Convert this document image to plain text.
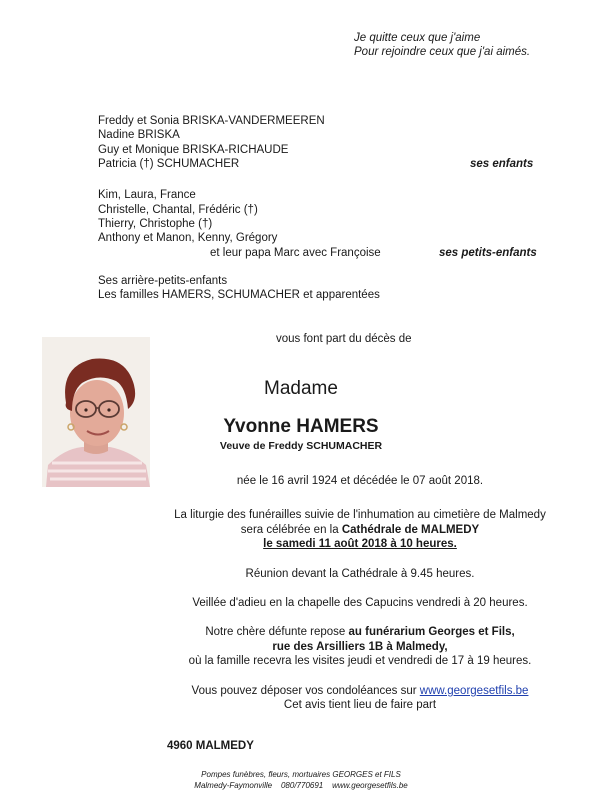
Je quitte ceux que j'aime
Pour rejoindre ceux que j'ai aimés.
Freddy et Sonia BRISKA-VANDERMEEREN
Nadine BRISKA
Guy et Monique BRISKA-RICHAUDE
Patricia (†) SCHUMACHER	ses enfants
Kim, Laura, France
Christelle, Chantal, Frédéric (†)
Thierry, Christophe (†)
Anthony et Manon, Kenny, Grégory
et leur papa Marc avec Françoise	ses petits-enfants
Ses arrière-petits-enfants
Les familles HAMERS, SCHUMACHER et apparentées
vous font part du décès de
Madame
Yvonne HAMERS
Veuve de Freddy SCHUMACHER
née le 16 avril 1924 et décédée le 07 août 2018.
La liturgie des funérailles suivie de l'inhumation au cimetière de Malmedy
sera célébrée en la Cathédrale de MALMEDY
le samedi 11 août 2018 à 10 heures.
Réunion devant la Cathédrale à 9.45 heures.
Veillée d'adieu en la chapelle des Capucins vendredi à 20 heures.
Notre chère défunte repose au funérarium Georges et Fils,
rue des Arsilliers 1B à Malmedy,
où la famille recevra les visites jeudi et vendredi de 17 à 19 heures.
Vous pouvez déposer vos condoléances sur www.georgesetfils.be
Cet avis tient lieu de faire part
4960 MALMEDY
Pompes funèbres, fleurs, mortuaires GEORGES et FILS
Malmedy-Faymonville    080/770691    www.georgesetfils.be
